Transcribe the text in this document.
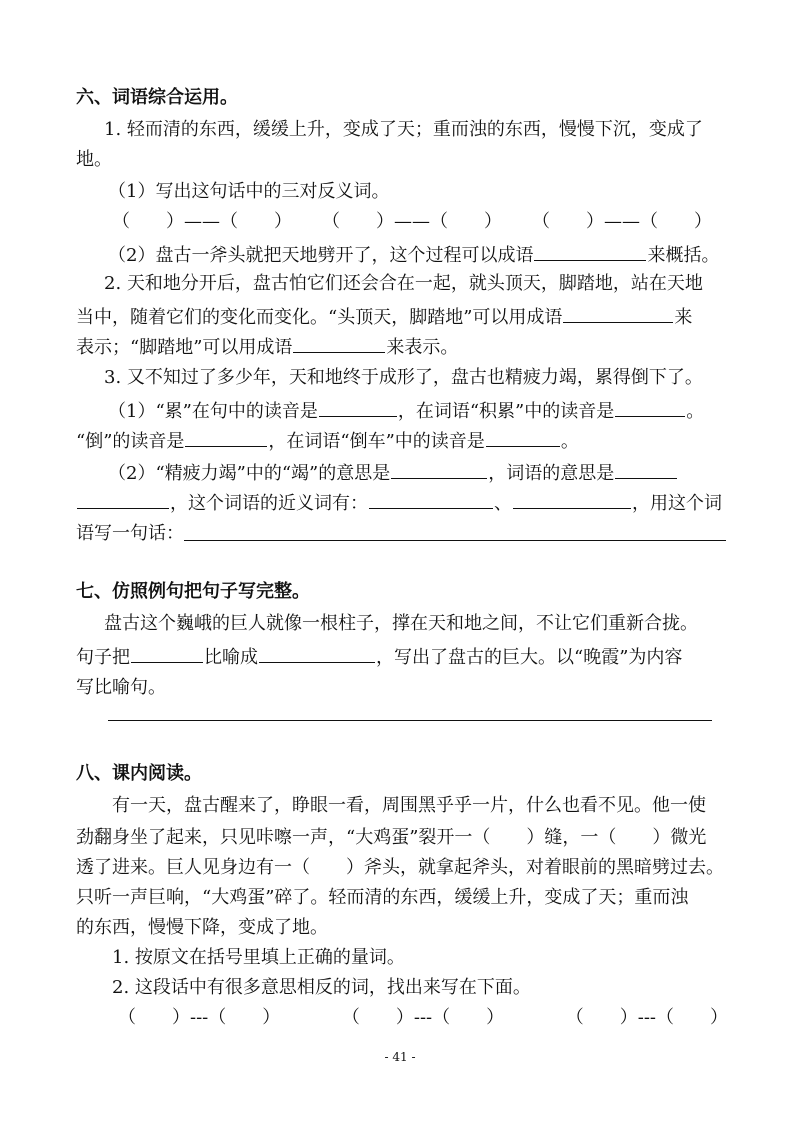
六、词语综合运用。
1. 轻而清的东西，缓缓上升，变成了天；重而浊的东西，慢慢下沉，变成了
地。
（1）写出这句话中的三对反义词。
（　　）——（　　） （　　）——（　　） （　　）——（　　）
（2）盘古一斧头就把天地劈开了，这个过程可以成语	来概括。
2. 天和地分开后，盘古怕它们还会合在一起，就头顶天，脚踏地，站在天地
当中，随着它们的变化而变化。“头顶天，脚踏地”可以用成语	来
表示；“脚踏地”可以用成语	来表示。
3. 又不知过了多少年，天和地终于成形了，盘古也精疲力竭，累得倒下了。
（1）“累”在句中的读音是	，在词语“积累”中的读音是	。
“倒”的读音是	，在词语“倒车”中的读音是	。
（2）“精疲力竭”中的“竭”的意思是	，词语的意思是
，这个词语的近义词有：	、	，用这个词
语写一句话：
七、仿照例句把句子写完整。
盘古这个巍峨的巨人就像一根柱子，撑在天和地之间，不让它们重新合拢。
句子把	比喻成	，写出了盘古的巨大。以“晚霞”为内容
写比喻句。
八、课内阅读。
有一天，盘古醒来了，睁眼一看，周围黑乎乎一片，什么也看不见。他一使
劲翻身坐了起来，只见咔嚓一声，“大鸡蛋”裂开一（　　）缝，一（　　）微光
透了进来。巨人见身边有一（　　）斧头，就拿起斧头，对着眼前的黑暗劈过去。
只听一声巨响，“大鸡蛋”碎了。轻而清的东西，缓缓上升，变成了天；重而浊
的东西，慢慢下降，变成了地。
1. 按原文在括号里填上正确的量词。
2. 这段话中有很多意思相反的词，找出来写在下面。
（　　）---（　　）	（　　）---（　　）	（　　）---（　　）
- 41 -
